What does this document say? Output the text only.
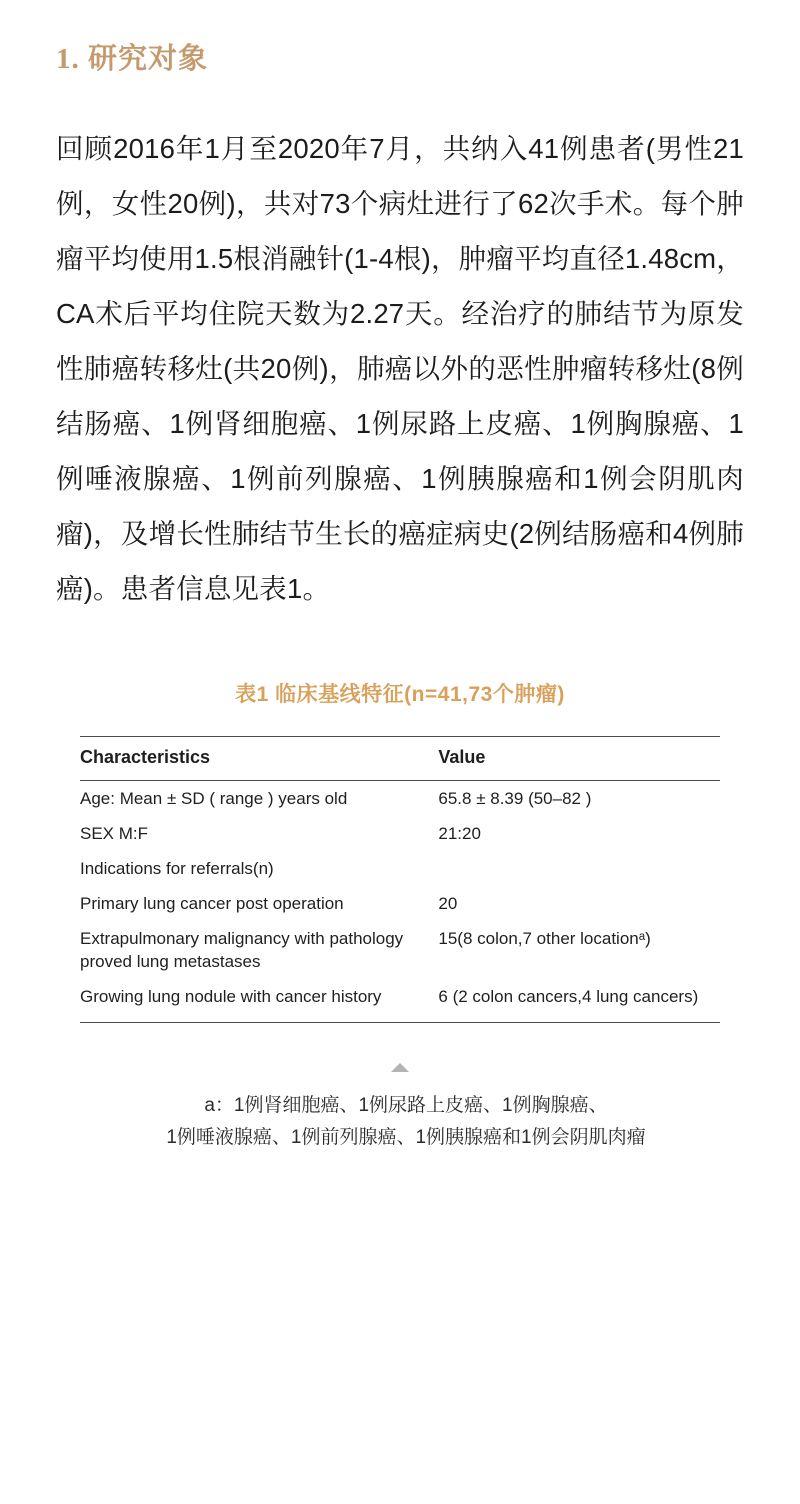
1. 研究对象

回顾2016年1月至2020年7月，共纳入41例患者(男性21例，女性20例)，共对73个病灶进行了62次手术。每个肿瘤平均使用1.5根消融针(1-4根)，肿瘤平均直径1.48cm，CA术后平均住院天数为2.27天。经治疗的肺结节为原发性肺癌转移灶(共20例)，肺癌以外的恶性肿瘤转移灶(8例结肠癌、1例肾细胞癌、1例尿路上皮癌、1例胸腺癌、1例唾液腺癌、1例前列腺癌、1例胰腺癌和1例会阴肌肉瘤)，及增长性肺结节生长的癌症病史(2例结肠癌和4例肺癌)。患者信息见表1。

表1 临床基线特征(n=41,73个肿瘤)
Characteristics	Value
Age: Mean ± SD ( range ) years old	65.8 ± 8.39 (50–82 )
SEX M:F	21:20
Indications for referrals(n)	
Primary lung cancer post operation	20
Extrapulmonary malignancy with pathology proved lung metastases	15(8 colon,7 other locationᵃ)
Growing lung nodule with cancer history	6 (2 colon cancers,4 lung cancers)
a：1例肾细胞癌、1例尿路上皮癌、1例胸腺癌、
1例唾液腺癌、1例前列腺癌、1例胰腺癌和1例会阴肌肉瘤
